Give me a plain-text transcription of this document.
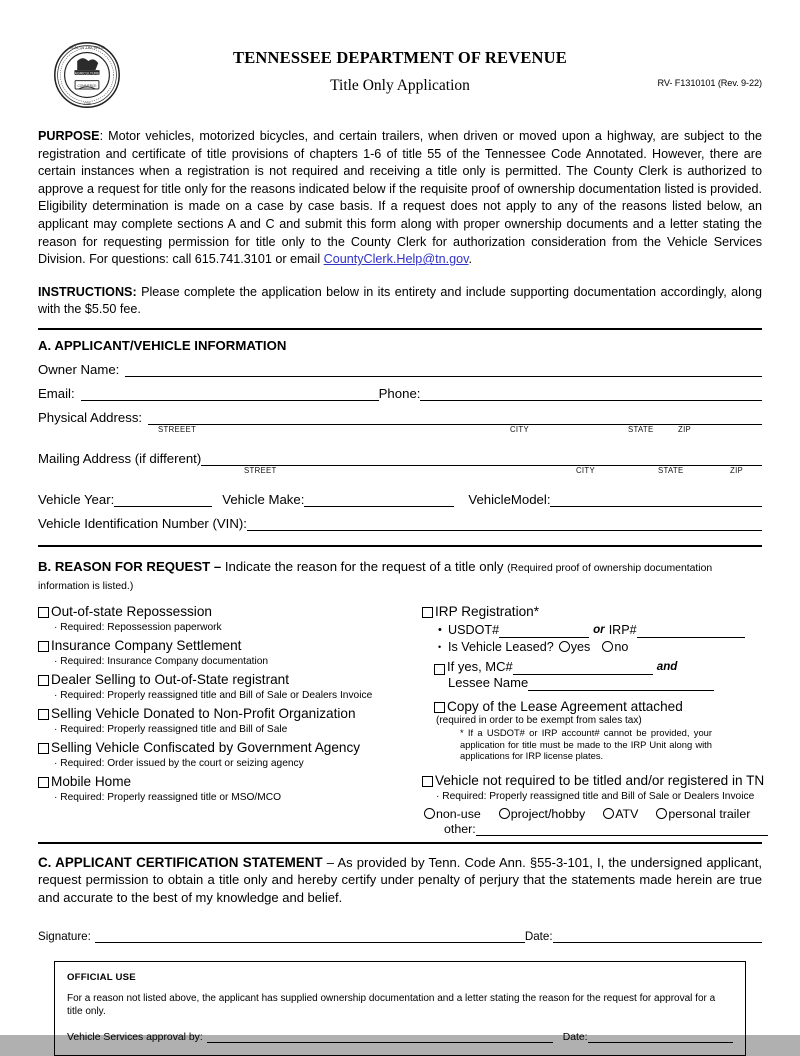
SEAL OF THE STATE
· 1796 ·
AGRICULTURE
COMMERCE
TENNESSEE DEPARTMENT OF REVENUE
Title Only Application	RV- F1310101 (Rev. 9-22)
PURPOSE: Motor vehicles, motorized bicycles, and certain trailers, when driven or moved upon a highway, are subject to the registration and certificate of title provisions of chapters 1-6 of title 55 of the Tennessee Code Annotated. However, there are certain instances when a registration is not required and receiving a title only is permitted. The County Clerk is authorized to approve a request for title only for the reasons indicated below if the requisite proof of ownership documentation listed is provided. Eligibility determination is made on a case by case basis. If a request does not apply to any of the reasons listed below, an applicant may complete sections A and C and submit this form along with proper ownership documents and a letter stating the reason for requesting permission for title only to the County Clerk for authorization consideration from the Vehicle Services Division. For questions: call 615.741.3101 or email CountyClerk.Help@tn.gov.
INSTRUCTIONS: Please complete the application below in its entirety and include supporting documentation accordingly, along with the $5.50 fee.
A. APPLICANT/VEHICLE INFORMATION
Owner Name:
Email:	Phone:
Physical Address:
STREEET	CITY	STATE	ZIP
Mailing Address (if different)
STREET	CITY	STATE	ZIP
Vehicle Year:	Vehicle Make:	VehicleModel:
Vehicle Identification Number (VIN):
B. REASON FOR REQUEST – Indicate the reason for the request of a title only (Required proof of ownership documentation information is listed.)
Out-of-state Repossession
· Required: Repossession paperwork
Insurance Company Settlement
· Required: Insurance Company documentation
Dealer Selling to Out-of-State registrant
· Required: Properly reassigned title and Bill of Sale or Dealers Invoice
Selling Vehicle Donated to Non-Profit Organization
· Required: Properly reassigned title and Bill of Sale
Selling Vehicle Confiscated by Government Agency
· Required: Order issued by the court or seizing agency
Mobile Home
· Required: Properly reassigned title or MSO/MCO
IRP Registration*
• USDOT#	or IRP#
• Is Vehicle Leased?	yes	no
If yes, MC#	and
Lessee Name
Copy of the Lease Agreement attached
(required in order to be exempt from sales tax)
* If a USDOT# or IRP account# cannot be provided, your application for title must be made to the IRP Unit along with applications for IRP license plates.
Vehicle not required to be titled and/or registered in TN
· Required: Properly reassigned title and Bill of Sale or Dealers Invoice
non-use	project/hobby	ATV	personal trailer
other:
C. APPLICANT CERTIFICATION STATEMENT – As provided by Tenn. Code Ann. §55-3-101, I, the undersigned applicant, request permission to obtain a title only and hereby certify under penalty of perjury that the statements made herein are true and accurate to the best of my knowledge and belief.
Signature:	Date:
OFFICIAL USE
For a reason not listed above, the applicant has supplied ownership documentation and a letter stating the reason for the request for approval for a title only.
Vehicle Services approval by:	Date:
